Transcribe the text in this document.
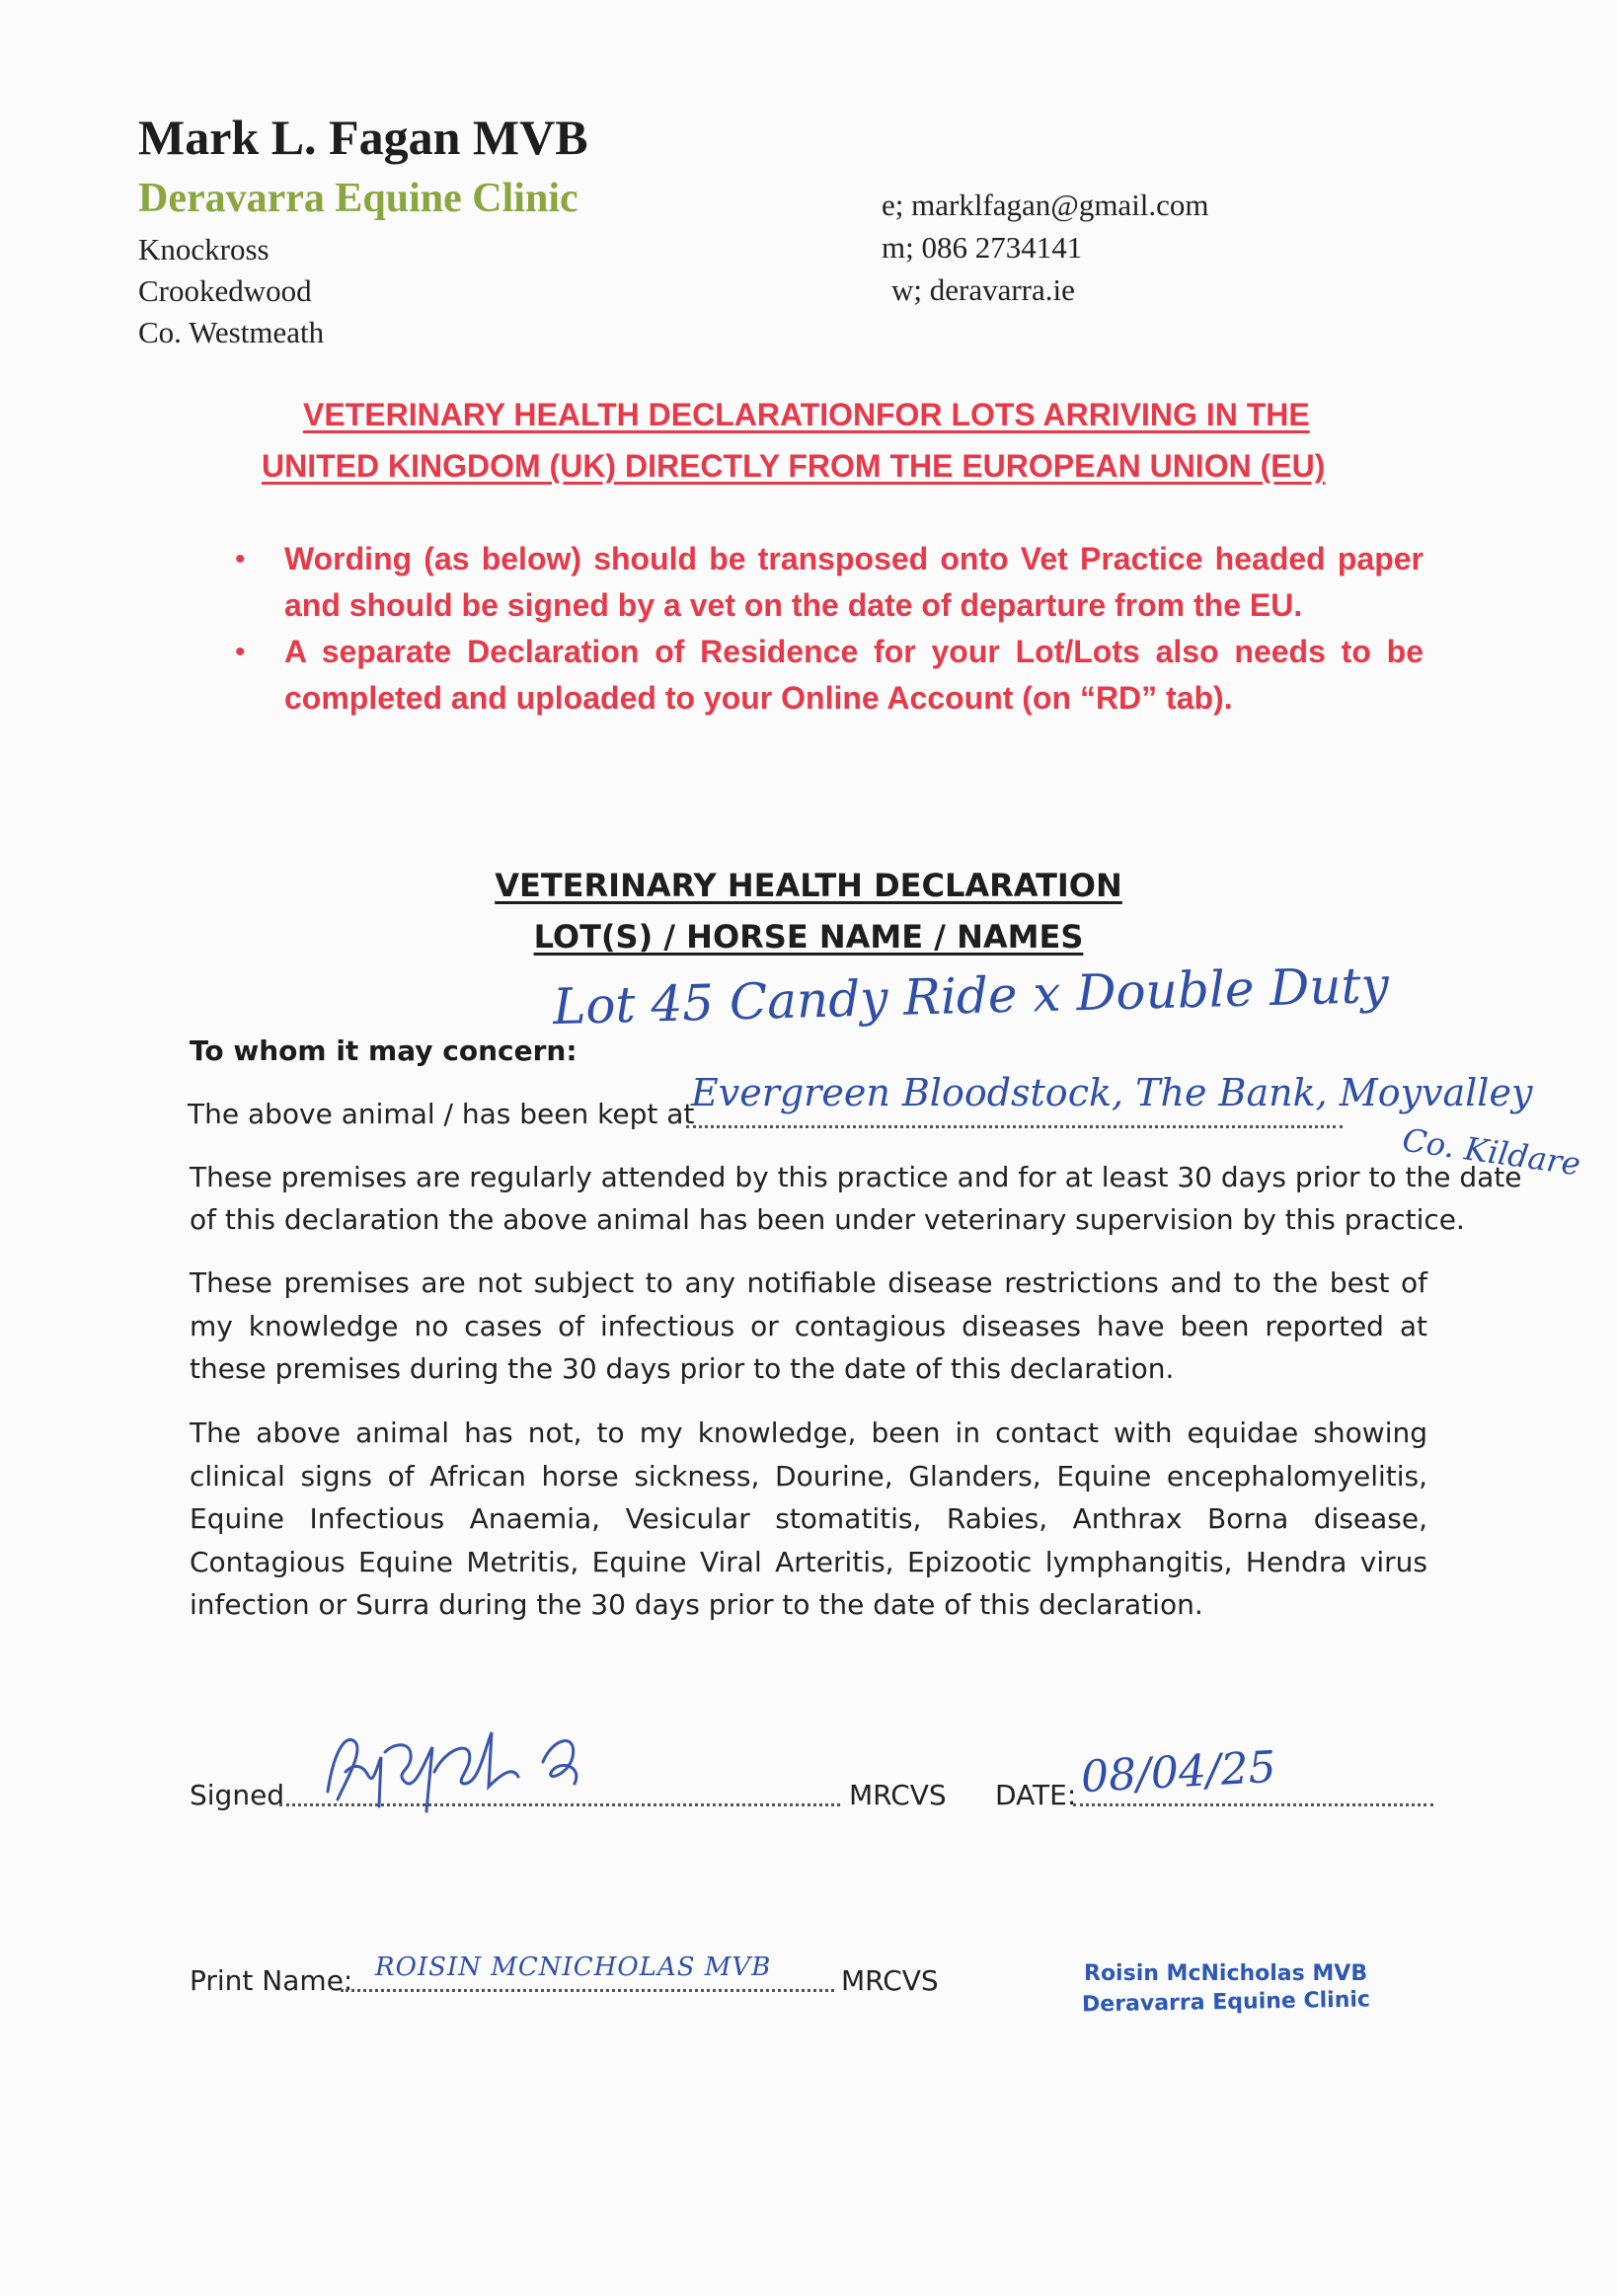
Mark L. Fagan MVB
Deravarra Equine Clinic
Knockross
Crookedwood
Co. Westmeath
e; marklfagan@gmail.com
m; 086 2734141
w; deravarra.ie
VETERINARY HEALTH DECLARATION FOR LOTS ARRIVING IN THE
UNITED KINGDOM (UK) DIRECTLY FROM THE EUROPEAN UNION (EU)
•	Wording (as below) should be transposed onto Vet Practice headed paper and should be signed by a vet on the date of departure from the EU.

•	A separate Declaration of Residence for your Lot/Lots also needs to be completed and uploaded to your Online Account (on “RD” tab).

VETERINARY HEALTH DECLARATION
LOT(S) / HORSE NAME / NAMES
Lot 45 Candy Ride x Double Duty
To whom it may concern:
The above animal / has been kept at
Evergreen Bloodstock, The Bank, Moyvalley
Co. Kildare
These premises are regularly attended by this practice and for at least 30 days prior to the date
of this declaration the above animal has been under veterinary supervision by this practice.

These premises are not subject to any notifiable disease restrictions and to the best of my knowledge no cases of infectious or contagious diseases have been reported at these premises during the 30 days prior to the date of this declaration.

The above animal has not, to my knowledge, been in contact with equidae showing clinical signs of African horse sickness, Dourine, Glanders, Equine encephalomyelitis, Equine Infectious Anaemia, Vesicular stomatitis, Rabies, Anthrax Borna disease, Contagious Equine Metritis, Equine Viral Arteritis, Epizootic lymphangitis, Hendra virus infection or Surra during the 30 days prior to the date of this declaration.

Signed	MRCVS DATE: 08/04/25
Print Name: ROISIN MCNICHOLAS MVB	MRCVS	Roisin McNicholas MVB
Deravarra Equine Clinic
